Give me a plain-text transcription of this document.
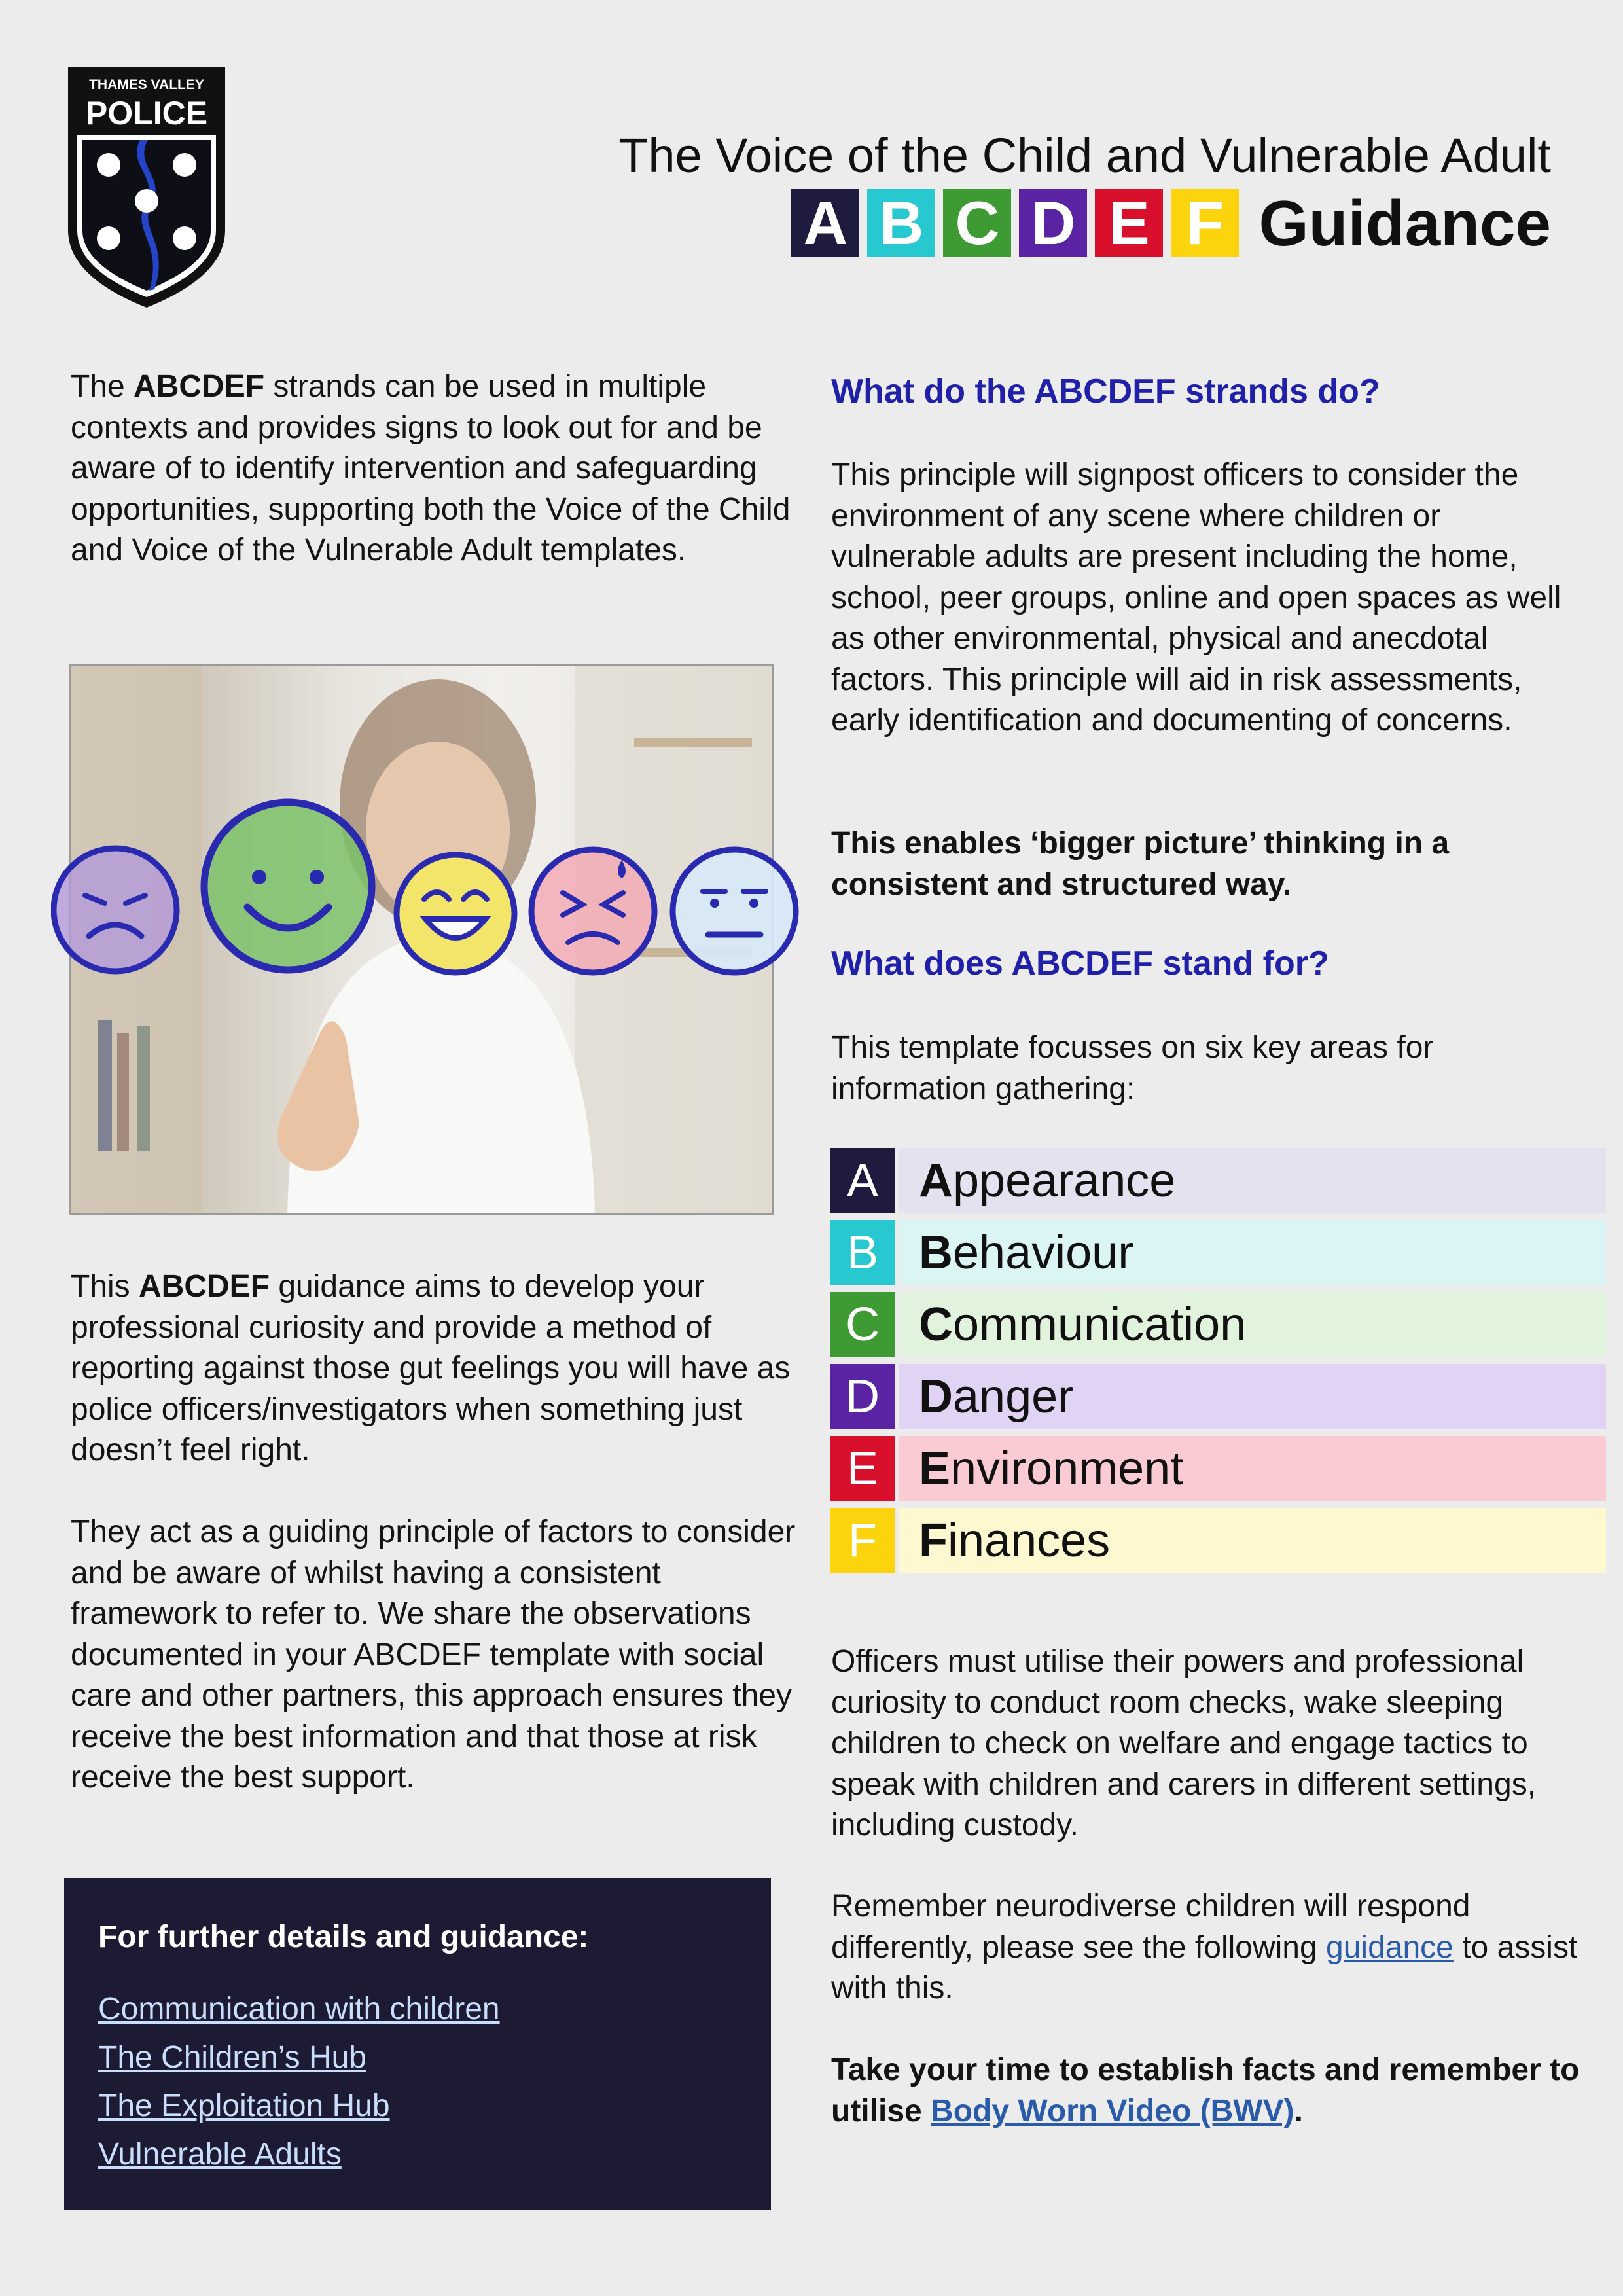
THAMES VALLEY
POLICE
The Voice of the Child and Vulnerable Adult
A B C D E F Guidance
The ABCDEF strands can be used in multiple contexts and provides signs to look out for and be aware of to identify intervention and safeguarding opportunities, supporting both the Voice of the Child and Voice of the Vulnerable Adult templates.
This ABCDEF guidance aims to develop your professional curiosity and provide a method of reporting against those gut feelings you will have as police officers/investigators when something just doesn’t feel right.
They act as a guiding principle of factors to consider and be aware of whilst having a consistent framework to refer to. We share the observations documented in your ABCDEF template with social care and other partners, this approach ensures they receive the best information and that those at risk receive the best support.
For further details and guidance:
Communication with children
The Children’s Hub
The Exploitation Hub
Vulnerable Adults
What do the ABCDEF strands do?
This principle will signpost officers to consider the environment of any scene where children or vulnerable adults are present including the home, school, peer groups, online and open spaces as well as other environmental, physical and anecdotal factors. This principle will aid in risk assessments, early identification and documenting of concerns.
This enables ‘bigger picture’ thinking in a consistent and structured way.
What does ABCDEF stand for?
This template focusses on six key areas for information gathering:
A A ppearance
B B ehaviour
C C ommunication
D D anger
E E nvironment
F F inances
Officers must utilise their powers and professional curiosity to conduct room checks, wake sleeping children to check on welfare and engage tactics to speak with children and carers in different settings, including custody.
Remember neurodiverse children will respond differently, please see the following guidance to assist with this.
Take your time to establish facts and remember to utilise Body Worn Video (BWV).
